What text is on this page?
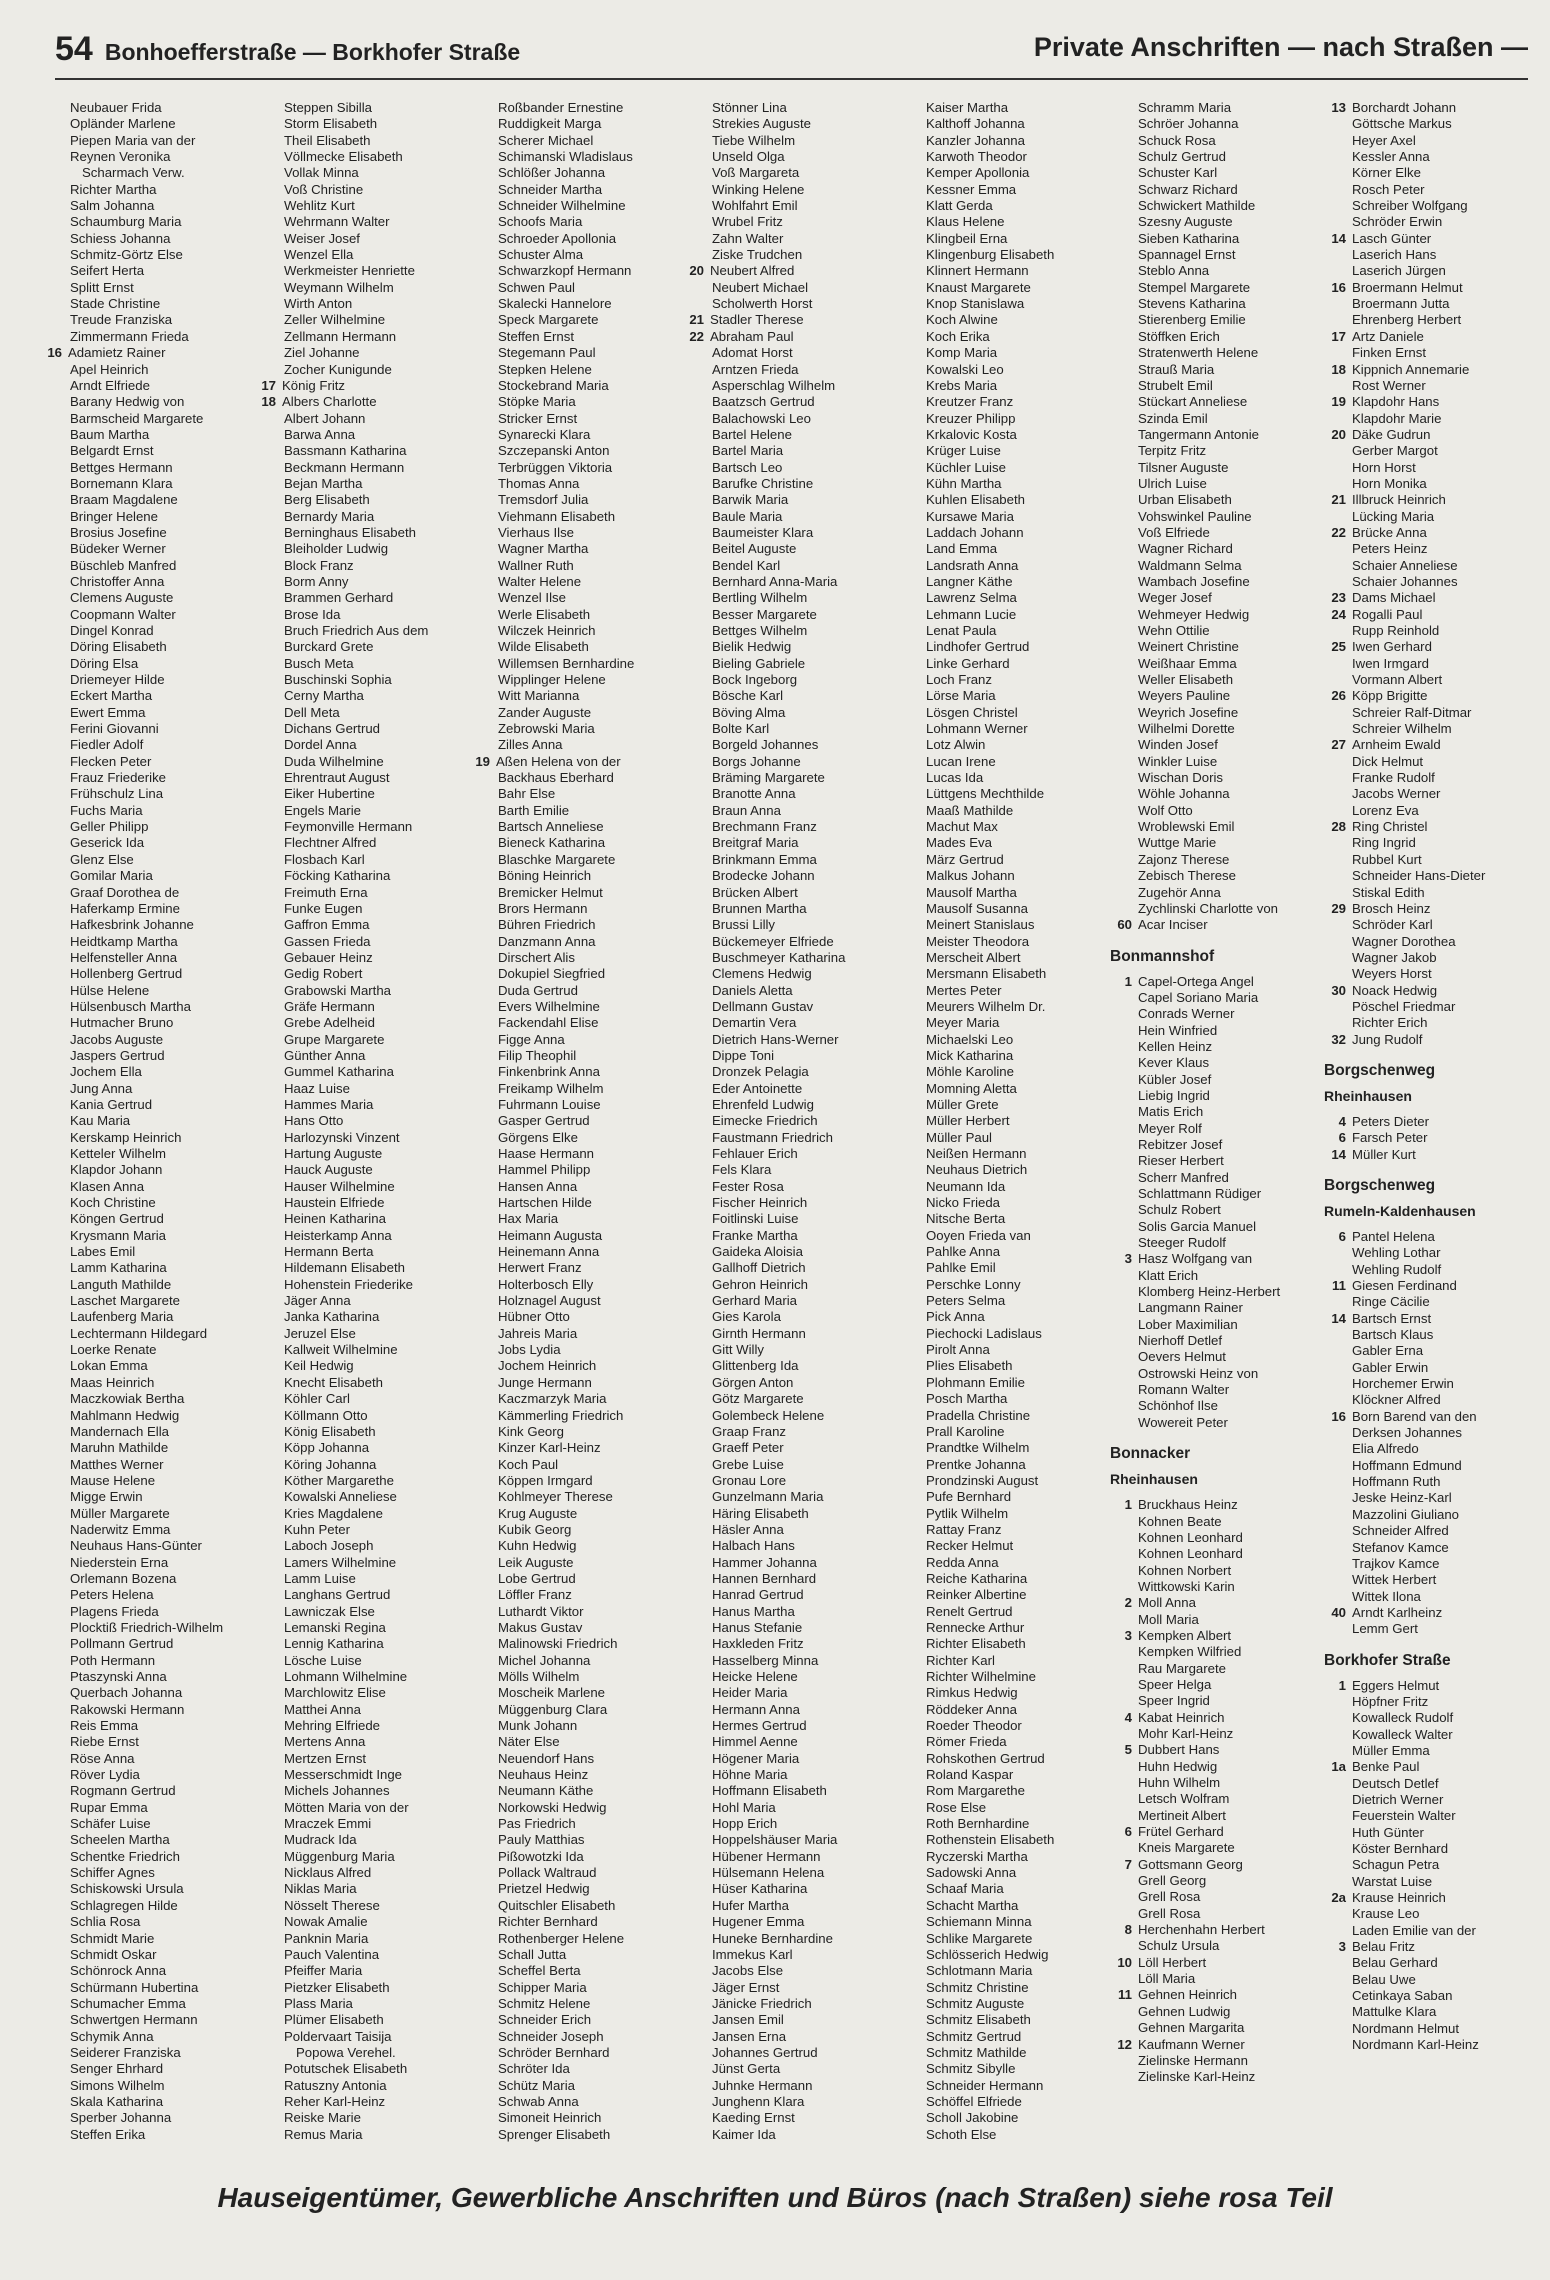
54 Bonhoefferstraße — Borkhofer Straße	Private Anschriften — nach Straßen —
Neubauer Frida
Opländer Marlene
Piepen Maria van der
Reynen Veronika
Scharmach Verw.
Richter Martha
Salm Johanna
Schaumburg Maria
Schiess Johanna
Schmitz-Görtz Else
Seifert Herta
Splitt Ernst
Stade Christine
Treude Franziska
Zimmermann Frieda
16 Adamietz Rainer
Apel Heinrich
Arndt Elfriede
Barany Hedwig von
Barmscheid Margarete
Baum Martha
Belgardt Ernst
Bettges Hermann
Bornemann Klara
Braam Magdalene
Bringer Helene
Brosius Josefine
Büdeker Werner
Büschleb Manfred
Christoffer Anna
Clemens Auguste
Coopmann Walter
Dingel Konrad
Döring Elisabeth
Döring Elsa
Driemeyer Hilde
Eckert Martha
Ewert Emma
Ferini Giovanni
Fiedler Adolf
Flecken Peter
Frauz Friederike
Frühschulz Lina
Fuchs Maria
Geller Philipp
Geserick Ida
Glenz Else
Gomilar Maria
Graaf Dorothea de
Haferkamp Ermine
Hafkesbrink Johanne
Heidtkamp Martha
Helfensteller Anna
Hollenberg Gertrud
Hülse Helene
Hülsenbusch Martha
Hutmacher Bruno
Jacobs Auguste
Jaspers Gertrud
Jochem Ella
Jung Anna
Kania Gertrud
Kau Maria
Kerskamp Heinrich
Ketteler Wilhelm
Klapdor Johann
Klasen Anna
Koch Christine
Köngen Gertrud
Krysmann Maria
Labes Emil
Lamm Katharina
Languth Mathilde
Laschet Margarete
Laufenberg Maria
Lechtermann Hildegard
Loerke Renate
Lokan Emma
Maas Heinrich
Maczkowiak Bertha
Mahlmann Hedwig
Mandernach Ella
Maruhn Mathilde
Matthes Werner
Mause Helene
Migge Erwin
Müller Margarete
Naderwitz Emma
Neuhaus Hans-Günter
Niederstein Erna
Orlemann Bozena
Peters Helena
Plagens Frieda
Plocktiß Friedrich-Wilhelm
Pollmann Gertrud
Poth Hermann
Ptaszynski Anna
Querbach Johanna
Rakowski Hermann
Reis Emma
Riebe Ernst
Röse Anna
Röver Lydia
Rogmann Gertrud
Rupar Emma
Schäfer Luise
Scheelen Martha
Schentke Friedrich
Schiffer Agnes
Schiskowski Ursula
Schlagregen Hilde
Schlia Rosa
Schmidt Marie
Schmidt Oskar
Schönrock Anna
Schürmann Hubertina
Schumacher Emma
Schwertgen Hermann
Schymik Anna
Seiderer Franziska
Senger Ehrhard
Simons Wilhelm
Skala Katharina
Sperber Johanna
Steffen Erika
Steppen Sibilla
Storm Elisabeth
Theil Elisabeth
Völlmecke Elisabeth
Vollak Minna
Voß Christine
Wehlitz Kurt
Wehrmann Walter
Weiser Josef
Wenzel Ella
Werkmeister Henriette
Weymann Wilhelm
Wirth Anton
Zeller Wilhelmine
Zellmann Hermann
Ziel Johanne
Zocher Kunigunde
17 König Fritz
18 Albers Charlotte
Albert Johann
Barwa Anna
Bassmann Katharina
Beckmann Hermann
Bejan Martha
Berg Elisabeth
Bernardy Maria
Berninghaus Elisabeth
Bleiholder Ludwig
Block Franz
Borm Anny
Brammen Gerhard
Brose Ida
Bruch Friedrich Aus dem
Burckard Grete
Busch Meta
Buschinski Sophia
Cerny Martha
Dell Meta
Dichans Gertrud
Dordel Anna
Duda Wilhelmine
Ehrentraut August
Eiker Hubertine
Engels Marie
Feymonville Hermann
Flechtner Alfred
Flosbach Karl
Föcking Katharina
Freimuth Erna
Funke Eugen
Gaffron Emma
Gassen Frieda
Gebauer Heinz
Gedig Robert
Grabowski Martha
Gräfe Hermann
Grebe Adelheid
Grupe Margarete
Günther Anna
Gummel Katharina
Haaz Luise
Hammes Maria
Hans Otto
Harlozynski Vinzent
Hartung Auguste
Hauck Auguste
Hauser Wilhelmine
Haustein Elfriede
Heinen Katharina
Heisterkamp Anna
Hermann Berta
Hildemann Elisabeth
Hohenstein Friederike
Jäger Anna
Janka Katharina
Jeruzel Else
Kallweit Wilhelmine
Keil Hedwig
Knecht Elisabeth
Köhler Carl
Köllmann Otto
König Elisabeth
Köpp Johanna
Köring Johanna
Köther Margarethe
Kowalski Anneliese
Kries Magdalene
Kuhn Peter
Laboch Joseph
Lamers Wilhelmine
Lamm Luise
Langhans Gertrud
Lawniczak Else
Lemanski Regina
Lennig Katharina
Lösche Luise
Lohmann Wilhelmine
Marchlowitz Elise
Matthei Anna
Mehring Elfriede
Mertens Anna
Mertzen Ernst
Messerschmidt Inge
Michels Johannes
Mötten Maria von der
Mraczek Emmi
Mudrack Ida
Müggenburg Maria
Nicklaus Alfred
Niklas Maria
Nösselt Therese
Nowak Amalie
Panknin Maria
Pauch Valentina
Pfeiffer Maria
Pietzker Elisabeth
Plass Maria
Plümer Elisabeth
Poldervaart Taisija
Popowa Verehel.
Potutschek Elisabeth
Ratuszny Antonia
Reher Karl-Heinz
Reiske Marie
Remus Maria
Roßbander Ernestine
Ruddigkeit Marga
Scherer Michael
Schimanski Wladislaus
Schlößer Johanna
Schneider Martha
Schneider Wilhelmine
Schoofs Maria
Schroeder Apollonia
Schuster Alma
Schwarzkopf Hermann
Schwen Paul
Skalecki Hannelore
Speck Margarete
Steffen Ernst
Stegemann Paul
Stepken Helene
Stockebrand Maria
Stöpke Maria
Stricker Ernst
Synarecki Klara
Szczepanski Anton
Terbrüggen Viktoria
Thomas Anna
Tremsdorf Julia
Viehmann Elisabeth
Vierhaus Ilse
Wagner Martha
Wallner Ruth
Walter Helene
Wenzel Ilse
Werle Elisabeth
Wilczek Heinrich
Wilde Elisabeth
Willemsen Bernhardine
Wipplinger Helene
Witt Marianna
Zander Auguste
Zebrowski Maria
Zilles Anna
19 Aßen Helena von der
Backhaus Eberhard
Bahr Else
Barth Emilie
Bartsch Anneliese
Bieneck Katharina
Blaschke Margarete
Böning Heinrich
Bremicker Helmut
Brors Hermann
Bühren Friedrich
Danzmann Anna
Dirschert Alis
Dokupiel Siegfried
Duda Gertrud
Evers Wilhelmine
Fackendahl Elise
Figge Anna
Filip Theophil
Finkenbrink Anna
Freikamp Wilhelm
Fuhrmann Louise
Gasper Gertrud
Görgens Elke
Haase Hermann
Hammel Philipp
Hansen Anna
Hartschen Hilde
Hax Maria
Heimann Augusta
Heinemann Anna
Herwert Franz
Holterbosch Elly
Holznagel August
Hübner Otto
Jahreis Maria
Jobs Lydia
Jochem Heinrich
Junge Hermann
Kaczmarzyk Maria
Kämmerling Friedrich
Kink Georg
Kinzer Karl-Heinz
Koch Paul
Köppen Irmgard
Kohlmeyer Therese
Krug Auguste
Kubik Georg
Kuhn Hedwig
Leik Auguste
Lobe Gertrud
Löffler Franz
Luthardt Viktor
Makus Gustav
Malinowski Friedrich
Michel Johanna
Mölls Wilhelm
Moscheik Marlene
Müggenburg Clara
Munk Johann
Näter Else
Neuendorf Hans
Neuhaus Heinz
Neumann Käthe
Norkowski Hedwig
Pas Friedrich
Pauly Matthias
Pißowotzki Ida
Pollack Waltraud
Prietzel Hedwig
Quitschler Elisabeth
Richter Bernhard
Rothenberger Helene
Schall Jutta
Scheffel Berta
Schipper Maria
Schmitz Helene
Schneider Erich
Schneider Joseph
Schröder Bernhard
Schröter Ida
Schütz Maria
Schwab Anna
Simoneit Heinrich
Sprenger Elisabeth
Stönner Lina
Strekies Auguste
Tiebe Wilhelm
Unseld Olga
Voß Margareta
Winking Helene
Wohlfahrt Emil
Wrubel Fritz
Zahn Walter
Ziske Trudchen
20 Neubert Alfred
Neubert Michael
Scholwerth Horst
21 Stadler Therese
22 Abraham Paul
Adomat Horst
Arntzen Frieda
Asperschlag Wilhelm
Baatzsch Gertrud
Balachowski Leo
Bartel Helene
Bartel Maria
Bartsch Leo
Barufke Christine
Barwik Maria
Baule Maria
Baumeister Klara
Beitel Auguste
Bendel Karl
Bernhard Anna-Maria
Bertling Wilhelm
Besser Margarete
Bettges Wilhelm
Bielik Hedwig
Bieling Gabriele
Bock Ingeborg
Bösche Karl
Böving Alma
Bolte Karl
Borgeld Johannes
Borgs Johanne
Bräming Margarete
Branotte Anna
Braun Anna
Brechmann Franz
Breitgraf Maria
Brinkmann Emma
Brodecke Johann
Brücken Albert
Brunnen Martha
Brussi Lilly
Bückemeyer Elfriede
Buschmeyer Katharina
Clemens Hedwig
Daniels Aletta
Dellmann Gustav
Demartin Vera
Dietrich Hans-Werner
Dippe Toni
Dronzek Pelagia
Eder Antoinette
Ehrenfeld Ludwig
Eimecke Friedrich
Faustmann Friedrich
Fehlauer Erich
Fels Klara
Fester Rosa
Fischer Heinrich
Foitlinski Luise
Franke Martha
Gaideka Aloisia
Gallhoff Dietrich
Gehron Heinrich
Gerhard Maria
Gies Karola
Girnth Hermann
Gitt Willy
Glittenberg Ida
Görgen Anton
Götz Margarete
Golembeck Helene
Graap Franz
Graeff Peter
Grebe Luise
Gronau Lore
Gunzelmann Maria
Häring Elisabeth
Häsler Anna
Halbach Hans
Hammer Johanna
Hannen Bernhard
Hanrad Gertrud
Hanus Martha
Hanus Stefanie
Haxkleden Fritz
Hasselberg Minna
Heicke Helene
Heider Maria
Hermann Anna
Hermes Gertrud
Himmel Aenne
Högener Maria
Höhne Maria
Hoffmann Elisabeth
Hohl Maria
Hopp Erich
Hoppelshäuser Maria
Hübener Hermann
Hülsemann Helena
Hüser Katharina
Hufer Martha
Hugener Emma
Huneke Bernhardine
Immekus Karl
Jacobs Else
Jäger Ernst
Jänicke Friedrich
Jansen Emil
Jansen Erna
Johannes Gertrud
Jünst Gerta
Juhnke Hermann
Junghenn Klara
Kaeding Ernst
Kaimer Ida
Kaiser Martha
Kalthoff Johanna
Kanzler Johanna
Karwoth Theodor
Kemper Apollonia
Kessner Emma
Klatt Gerda
Klaus Helene
Klingbeil Erna
Klingenburg Elisabeth
Klinnert Hermann
Knaust Margarete
Knop Stanislawa
Koch Alwine
Koch Erika
Komp Maria
Kowalski Leo
Krebs Maria
Kreutzer Franz
Kreuzer Philipp
Krkalovic Kosta
Krüger Luise
Küchler Luise
Kühn Martha
Kuhlen Elisabeth
Kursawe Maria
Laddach Johann
Land Emma
Landsrath Anna
Langner Käthe
Lawrenz Selma
Lehmann Lucie
Lenat Paula
Lindhofer Gertrud
Linke Gerhard
Loch Franz
Lörse Maria
Lösgen Christel
Lohmann Werner
Lotz Alwin
Lucan Irene
Lucas Ida
Lüttgens Mechthilde
Maaß Mathilde
Machut Max
Mades Eva
März Gertrud
Malkus Johann
Mausolf Martha
Mausolf Susanna
Meinert Stanislaus
Meister Theodora
Merscheit Albert
Mersmann Elisabeth
Mertes Peter
Meurers Wilhelm Dr.
Meyer Maria
Michaelski Leo
Mick Katharina
Möhle Karoline
Momning Aletta
Müller Grete
Müller Herbert
Müller Paul
Neißen Hermann
Neuhaus Dietrich
Neumann Ida
Nicko Frieda
Nitsche Berta
Ooyen Frieda van
Pahlke Anna
Pahlke Emil
Perschke Lonny
Peters Selma
Pick Anna
Piechocki Ladislaus
Pirolt Anna
Plies Elisabeth
Plohmann Emilie
Posch Martha
Pradella Christine
Prall Karoline
Prandtke Wilhelm
Prentke Johanna
Prondzinski August
Pufe Bernhard
Pytlik Wilhelm
Rattay Franz
Recker Helmut
Redda Anna
Reiche Katharina
Reinker Albertine
Renelt Gertrud
Rennecke Arthur
Richter Elisabeth
Richter Karl
Richter Wilhelmine
Rimkus Hedwig
Röddeker Anna
Roeder Theodor
Römer Frieda
Rohskothen Gertrud
Roland Kaspar
Rom Margarethe
Rose Else
Roth Bernhardine
Rothenstein Elisabeth
Ryczerski Martha
Sadowski Anna
Schaaf Maria
Schacht Martha
Schiemann Minna
Schlike Margarete
Schlösserich Hedwig
Schlotmann Maria
Schmitz Christine
Schmitz Auguste
Schmitz Elisabeth
Schmitz Gertrud
Schmitz Mathilde
Schmitz Sibylle
Schneider Hermann
Schöffel Elfriede
Scholl Jakobine
Schoth Else
Schramm Maria
Schröer Johanna
Schuck Rosa
Schulz Gertrud
Schuster Karl
Schwarz Richard
Schwickert Mathilde
Szesny Auguste
Sieben Katharina
Spannagel Ernst
Steblo Anna
Stempel Margarete
Stevens Katharina
Stierenberg Emilie
Stöffken Erich
Stratenwerth Helene
Strauß Maria
Strubelt Emil
Stückart Anneliese
Szinda Emil
Tangermann Antonie
Terpitz Fritz
Tilsner Auguste
Ulrich Luise
Urban Elisabeth
Vohswinkel Pauline
Voß Elfriede
Wagner Richard
Waldmann Selma
Wambach Josefine
Weger Josef
Wehmeyer Hedwig
Wehn Ottilie
Weinert Christine
Weißhaar Emma
Weller Elisabeth
Weyers Pauline
Weyrich Josefine
Wilhelmi Dorette
Winden Josef
Winkler Luise
Wischan Doris
Wöhle Johanna
Wolf Otto
Wroblewski Emil
Wuttge Marie
Zajonz Therese
Zebisch Therese
Zugehör Anna
Zychlinski Charlotte von
60 Acar Inciser
Bonmannshof
1 Capel-Ortega Angel
Capel Soriano Maria
Conrads Werner
Hein Winfried
Kellen Heinz
Kever Klaus
Kübler Josef
Liebig Ingrid
Matis Erich
Meyer Rolf
Rebitzer Josef
Rieser Herbert
Scherr Manfred
Schlattmann Rüdiger
Schulz Robert
Solis Garcia Manuel
Steeger Rudolf
3 Hasz Wolfgang van
Klatt Erich
Klomberg Heinz-Herbert
Langmann Rainer
Lober Maximilian
Nierhoff Detlef
Oevers Helmut
Ostrowski Heinz von
Romann Walter
Schönhof Ilse
Wowereit Peter
Bonnacker
Rheinhausen
1 Bruckhaus Heinz
Kohnen Beate
Kohnen Leonhard
Kohnen Leonhard
Kohnen Norbert
Wittkowski Karin
2 Moll Anna
Moll Maria
3 Kempken Albert
Kempken Wilfried
Rau Margarete
Speer Helga
Speer Ingrid
4 Kabat Heinrich
Mohr Karl-Heinz
5 Dubbert Hans
Huhn Hedwig
Huhn Wilhelm
Letsch Wolfram
Mertineit Albert
6 Frütel Gerhard
Kneis Margarete
7 Gottsmann Georg
Grell Georg
Grell Rosa
Grell Rosa
8 Herchenhahn Herbert
Schulz Ursula
10 Löll Herbert
Löll Maria
11 Gehnen Heinrich
Gehnen Ludwig
Gehnen Margarita
12 Kaufmann Werner
Zielinske Hermann
Zielinske Karl-Heinz
13 Borchardt Johann
Göttsche Markus
Heyer Axel
Kessler Anna
Körner Elke
Rosch Peter
Schreiber Wolfgang
Schröder Erwin
14 Lasch Günter
Laserich Hans
Laserich Jürgen
16 Broermann Helmut
Broermann Jutta
Ehrenberg Herbert
17 Artz Daniele
Finken Ernst
18 Kippnich Annemarie
Rost Werner
19 Klapdohr Hans
Klapdohr Marie
20 Däke Gudrun
Gerber Margot
Horn Horst
Horn Monika
21 Illbruck Heinrich
Lücking Maria
22 Brücke Anna
Peters Heinz
Schaier Anneliese
Schaier Johannes
23 Dams Michael
24 Rogalli Paul
Rupp Reinhold
25 Iwen Gerhard
Iwen Irmgard
Vormann Albert
26 Köpp Brigitte
Schreier Ralf-Ditmar
Schreier Wilhelm
27 Arnheim Ewald
Dick Helmut
Franke Rudolf
Jacobs Werner
Lorenz Eva
28 Ring Christel
Ring Ingrid
Rubbel Kurt
Schneider Hans-Dieter
Stiskal Edith
29 Brosch Heinz
Schröder Karl
Wagner Dorothea
Wagner Jakob
Weyers Horst
30 Noack Hedwig
Pöschel Friedmar
Richter Erich
32 Jung Rudolf
Borgschenweg
Rheinhausen
4 Peters Dieter
6 Farsch Peter
14 Müller Kurt
Borgschenweg
Rumeln-Kaldenhausen
6 Pantel Helena
Wehling Lothar
Wehling Rudolf
11 Giesen Ferdinand
Ringe Cäcilie
14 Bartsch Ernst
Bartsch Klaus
Gabler Erna
Gabler Erwin
Horchemer Erwin
Klöckner Alfred
16 Born Barend van den
Derksen Johannes
Elia Alfredo
Hoffmann Edmund
Hoffmann Ruth
Jeske Heinz-Karl
Mazzolini Giuliano
Schneider Alfred
Stefanov Kamce
Trajkov Kamce
Wittek Herbert
Wittek Ilona
40 Arndt Karlheinz
Lemm Gert
Borkhofer Straße
1 Eggers Helmut
Höpfner Fritz
Kowalleck Rudolf
Kowalleck Walter
Müller Emma
1a Benke Paul
Deutsch Detlef
Dietrich Werner
Feuerstein Walter
Huth Günter
Köster Bernhard
Schagun Petra
Warstat Luise
2a Krause Heinrich
Krause Leo
Laden Emilie van der
3 Belau Fritz
Belau Gerhard
Belau Uwe
Cetinkaya Saban
Mattulke Klara
Nordmann Helmut
Nordmann Karl-Heinz
Hauseigentümer, Gewerbliche Anschriften und Büros (nach Straßen) siehe rosa Teil
